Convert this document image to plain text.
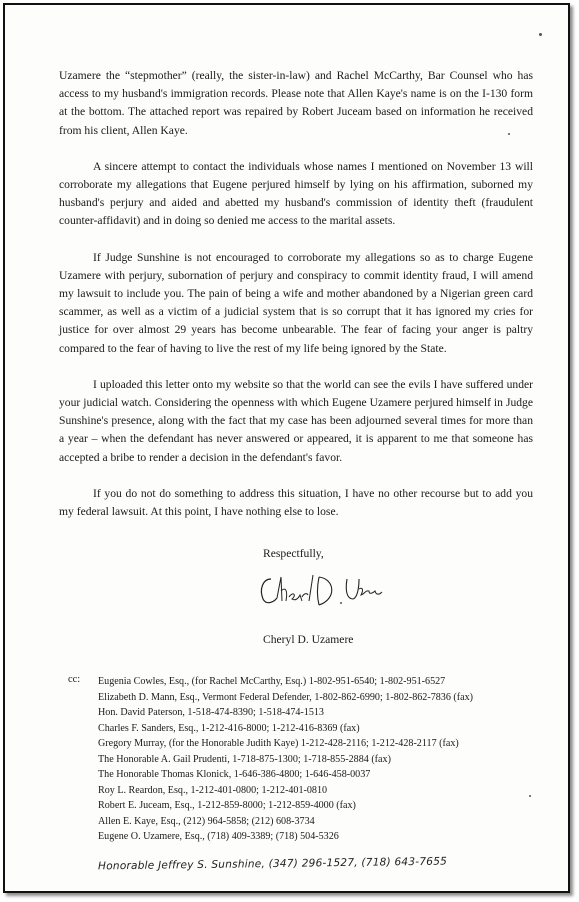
Uzamere the “stepmother” (really, the sister-in-law) and Rachel McCarthy, Bar Counsel who has access to my husband's immigration records. Please note that Allen Kaye's name is on the I-130 form at the bottom. The attached report was repaired by Robert Juceam based on information he received from his client, Allen Kaye.

A sincere attempt to contact the individuals whose names I mentioned on November 13 will corroborate my allegations that Eugene perjured himself by lying on his affirmation, suborned my husband's perjury and aided and abetted my husband's commission of identity theft (fraudulent counter-affidavit) and in doing so denied me access to the marital assets.

If Judge Sunshine is not encouraged to corroborate my allegations so as to charge Eugene Uzamere with perjury, subornation of perjury and conspiracy to commit identity fraud, I will amend my lawsuit to include you. The pain of being a wife and mother abandoned by a Nigerian green card scammer, as well as a victim of a judicial system that is so corrupt that it has ignored my cries for justice for over almost 29 years has become unbearable. The fear of facing your anger is paltry compared to the fear of having to live the rest of my life being ignored by the State.

I uploaded this letter onto my website so that the world can see the evils I have suffered under your judicial watch. Considering the openness with which Eugene Uzamere perjured himself in Judge Sunshine's presence, along with the fact that my case has been adjourned several times for more than a year – when the defendant has never answered or appeared, it is apparent to me that someone has accepted a bribe to render a decision in the defendant's favor.

If you do not do something to address this situation, I have no other recourse but to add you my federal lawsuit. At this point, I have nothing else to lose.

Respectfully,
Cheryl D. Uzamere
cc: Eugenia Cowles, Esq., (for Rachel McCarthy, Esq.) 1-802-951-6540; 1-802-951-6527
Elizabeth D. Mann, Esq., Vermont Federal Defender, 1-802-862-6990; 1-802-862-7836 (fax)
Hon. David Paterson, 1-518-474-8390; 1-518-474-1513
Charles F. Sanders, Esq., 1-212-416-8000; 1-212-416-8369 (fax)
Gregory Murray, (for the Honorable Judith Kaye) 1-212-428-2116; 1-212-428-2117 (fax)
The Honorable A. Gail Prudenti, 1-718-875-1300; 1-718-855-2884 (fax)
The Honorable Thomas Klonick, 1-646-386-4800; 1-646-458-0037
Roy L. Reardon, Esq., 1-212-401-0800; 1-212-401-0810
Robert E. Juceam, Esq., 1-212-859-8000; 1-212-859-4000 (fax)
Allen E. Kaye, Esq., (212) 964-5858; (212) 608-3734
Eugene O. Uzamere, Esq., (718) 409-3389; (718) 504-5326
Honorable Jeffrey S. Sunshine, (347) 296-1527, (718) 643-7655
